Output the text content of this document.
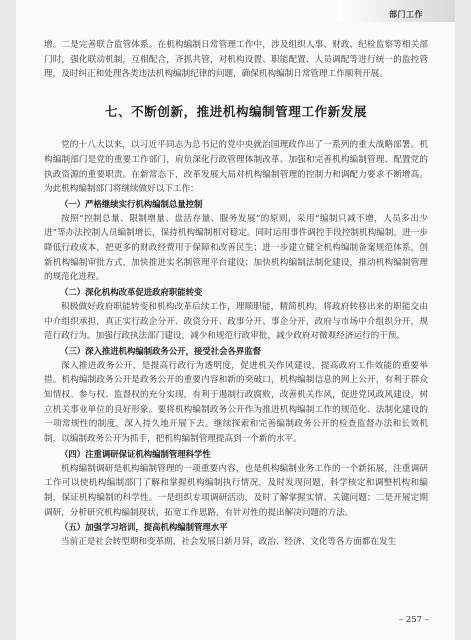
部门工作

增。二是完善联合监管体系。在机构编制日常管理工作中，涉及组织人事、财政、纪检监察等相关部门时，强化联动机制，互相配合，齐抓共管，对机构设置、职能配置、人员调配等进行统一的监控管理，及时纠正和处理各类违法机构编制纪律的问题，确保机构编制日常管理工作顺利开展。

七、不断创新，推进机构编制管理工作新发展

党的十八大以来，以习近平同志为总书记的党中央就治国理政作出了一系列的重大战略部署。机构编制部门是党的重要工作部门，肩负深化行政管理体制改革、加强和完善机构编制管理、配置党的执政资源的重要职责。在新常态下，改革发展大局对机构编制管理的控制力和调配力要求不断增高。为此机构编制部门将继续做好以下工作：

（一）严格继续实行机构编制总量控制

按照“控制总量、限制增量、盘活存量、服务发展”的原则，采用“编制只减不增，人员多出少进”等办法控制人员编制增长，保持机构编制相对稳定。同时运用事件调控手段控制机构编制，进一步降低行政成本，把更多的财政经费用于保障和改善民生；进一步建立健全机构编制备案规范体系，创新机构编制审批方式，加快推进实名制管理平台建设；加快机构编制法制化建设，推动机构编制管理的规范化进程。

（二）深化机构改革促进政府职能转变

积极做好政府职能转变和机构改革后续工作，理顺职能，精简机构，将政府转移出来的职能交由中介组织承担，真正实行政企分开、政资分开、政事分开、事企分开，政府与市场中介组织分开，规范行政行为。加强行政执法部门建设，减少和规范行政审批，减少政府对微观经济运行的干预。

（三）深入推进机构编制政务公开，接受社会各界监督

深入推进政务公开，是提高行政行为透明度，促进机关作风建设，提高政府工作效能的重要举措。机构编制政务公开是政务公开的重要内容和新的突破口，机构编制信息的网上公开，有利于群众知情权、参与权、监督权的充分实现，有利于遏制行政腐败，改善机关作风，促进党风政风建设，树立机关事业单位的良好形象。要将机构编制政务公开作为推进机构编制工作的规范化、法制化建设的一项常规性的制度，深入持久地开展下去。继续探索和完善编制政务公开的检查监督办法和长效机制，以编制政务公开为抓手，把机构编制管理提高到一个新的水平。

（四）注重调研保证机构编制管理科学性

机构编制调研是机构编制管理的一项重要内容，也是机构编制业务工作的一个新拓展，注重调研工作可以使机构编制部门了解和掌握机构编制执行情况，及时发现问题，科学核定和调整机构和编制，保证机构编制的科学性。一是组织专项调研活动，及时了解掌握实情、关键问题；二是开展定期调研，分析研究机构编制现状，拓宽工作思路，有针对性的提出解决问题的方法。

（五）加强学习培训，提高机构编制管理水平

当前正是社会转型期和变革期，社会发展日新月异，政治、经济、文化等各方面都在发生

– 257 –
